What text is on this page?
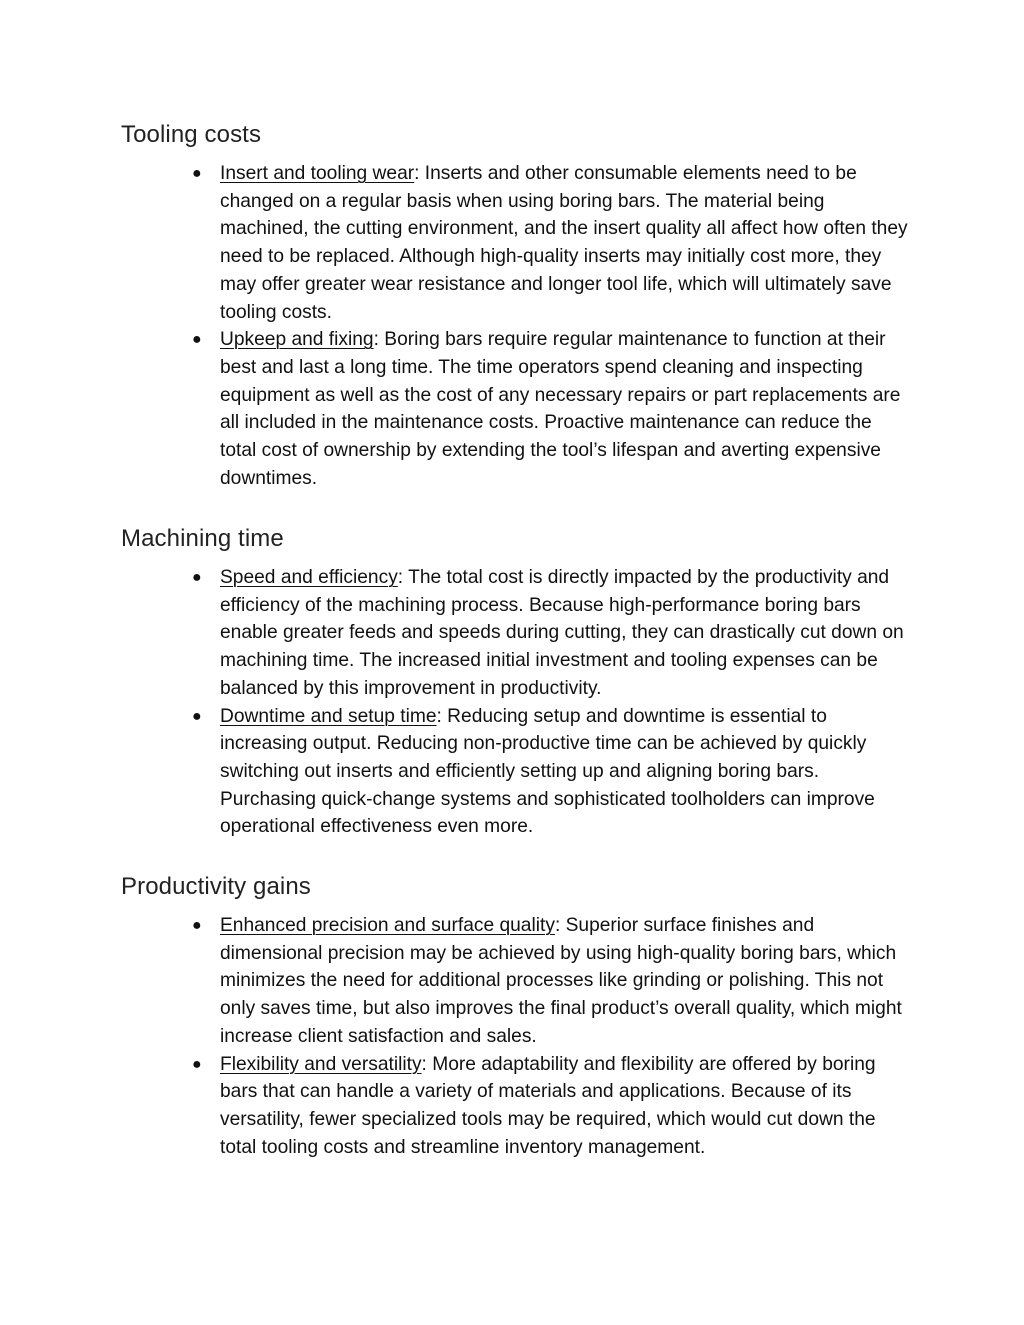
Tooling costs
● Insert and tooling wear: Inserts and other consumable elements need to be changed on a regular basis when using boring bars. The material being machined, the cutting environment, and the insert quality all affect how often they need to be replaced. Although high-quality inserts may initially cost more, they may offer greater wear resistance and longer tool life, which will ultimately save tooling costs.
● Upkeep and fixing: Boring bars require regular maintenance to function at their best and last a long time. The time operators spend cleaning and inspecting equipment as well as the cost of any necessary repairs or part replacements are all included in the maintenance costs. Proactive maintenance can reduce the total cost of ownership by extending the tool’s lifespan and averting expensive downtimes.
Machining time
● Speed and efficiency: The total cost is directly impacted by the productivity and efficiency of the machining process. Because high-performance boring bars enable greater feeds and speeds during cutting, they can drastically cut down on machining time. The increased initial investment and tooling expenses can be balanced by this improvement in productivity.
● Downtime and setup time: Reducing setup and downtime is essential to increasing output. Reducing non-productive time can be achieved by quickly switching out inserts and efficiently setting up and aligning boring bars. Purchasing quick-change systems and sophisticated toolholders can improve operational effectiveness even more.
Productivity gains
● Enhanced precision and surface quality: Superior surface finishes and dimensional precision may be achieved by using high-quality boring bars, which minimizes the need for additional processes like grinding or polishing. This not only saves time, but also improves the final product’s overall quality, which might increase client satisfaction and sales.
● Flexibility and versatility: More adaptability and flexibility are offered by boring bars that can handle a variety of materials and applications. Because of its versatility, fewer specialized tools may be required, which would cut down the total tooling costs and streamline inventory management.
